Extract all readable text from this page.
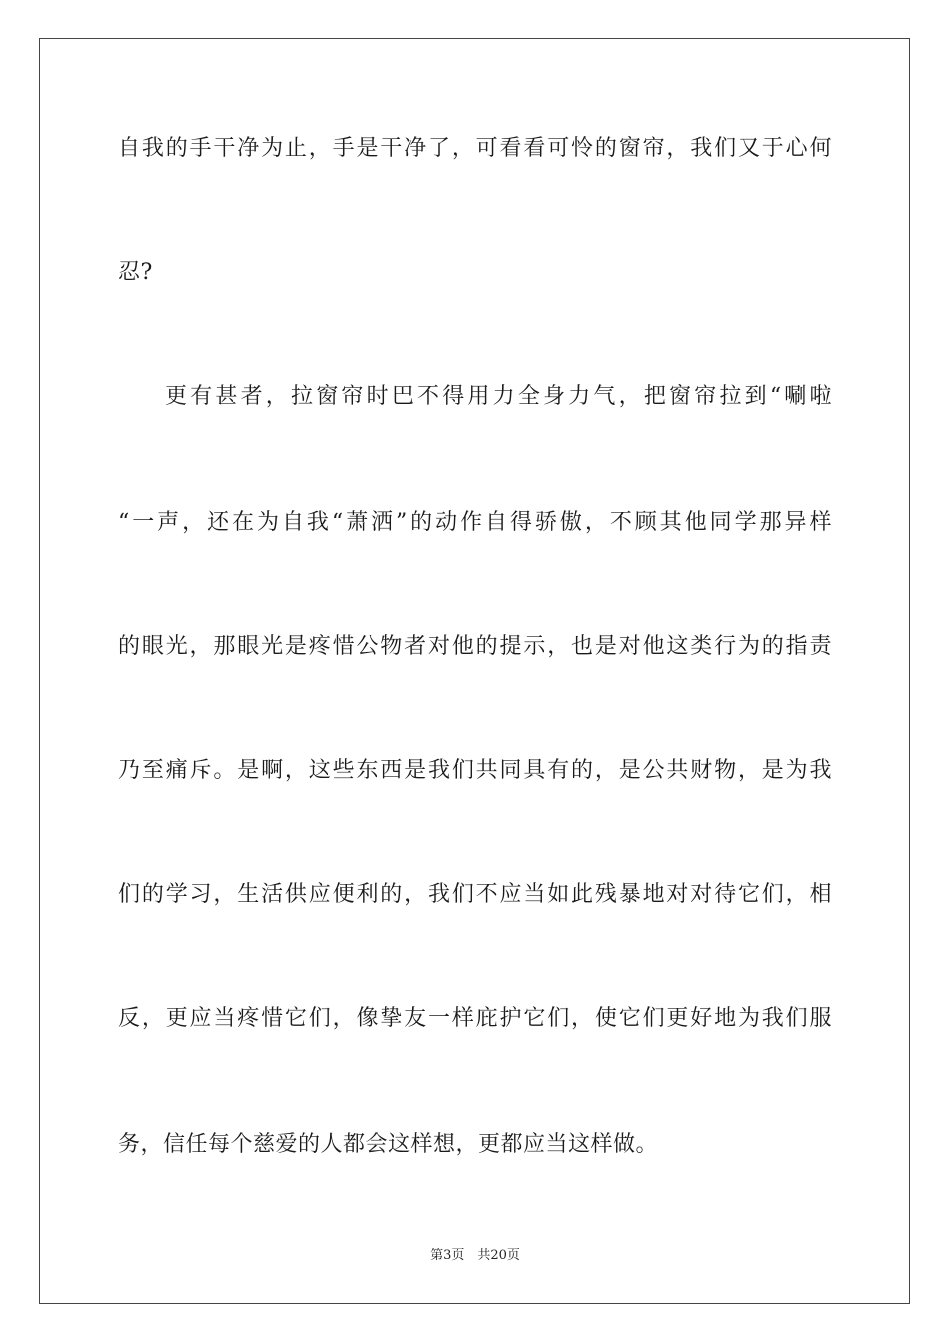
自我的手干净为止，手是干净了，可看看可怜的窗帘，我们又于心何
忍?
更有甚者，拉窗帘时巴不得用力全身力气，把窗帘拉到“唰啦
“一声，还在为自我“萧洒”的动作自得骄傲，不顾其他同学那异样
的眼光，那眼光是疼惜公物者对他的提示，也是对他这类行为的指责
乃至痛斥。是啊，这些东西是我们共同具有的，是公共财物，是为我
们的学习，生活供应便利的，我们不应当如此残暴地对对待它们，相
反，更应当疼惜它们，像挚友一样庇护它们，使它们更好地为我们服
务，信任每个慈爱的人都会这样想，更都应当这样做。
第3页　共20页
